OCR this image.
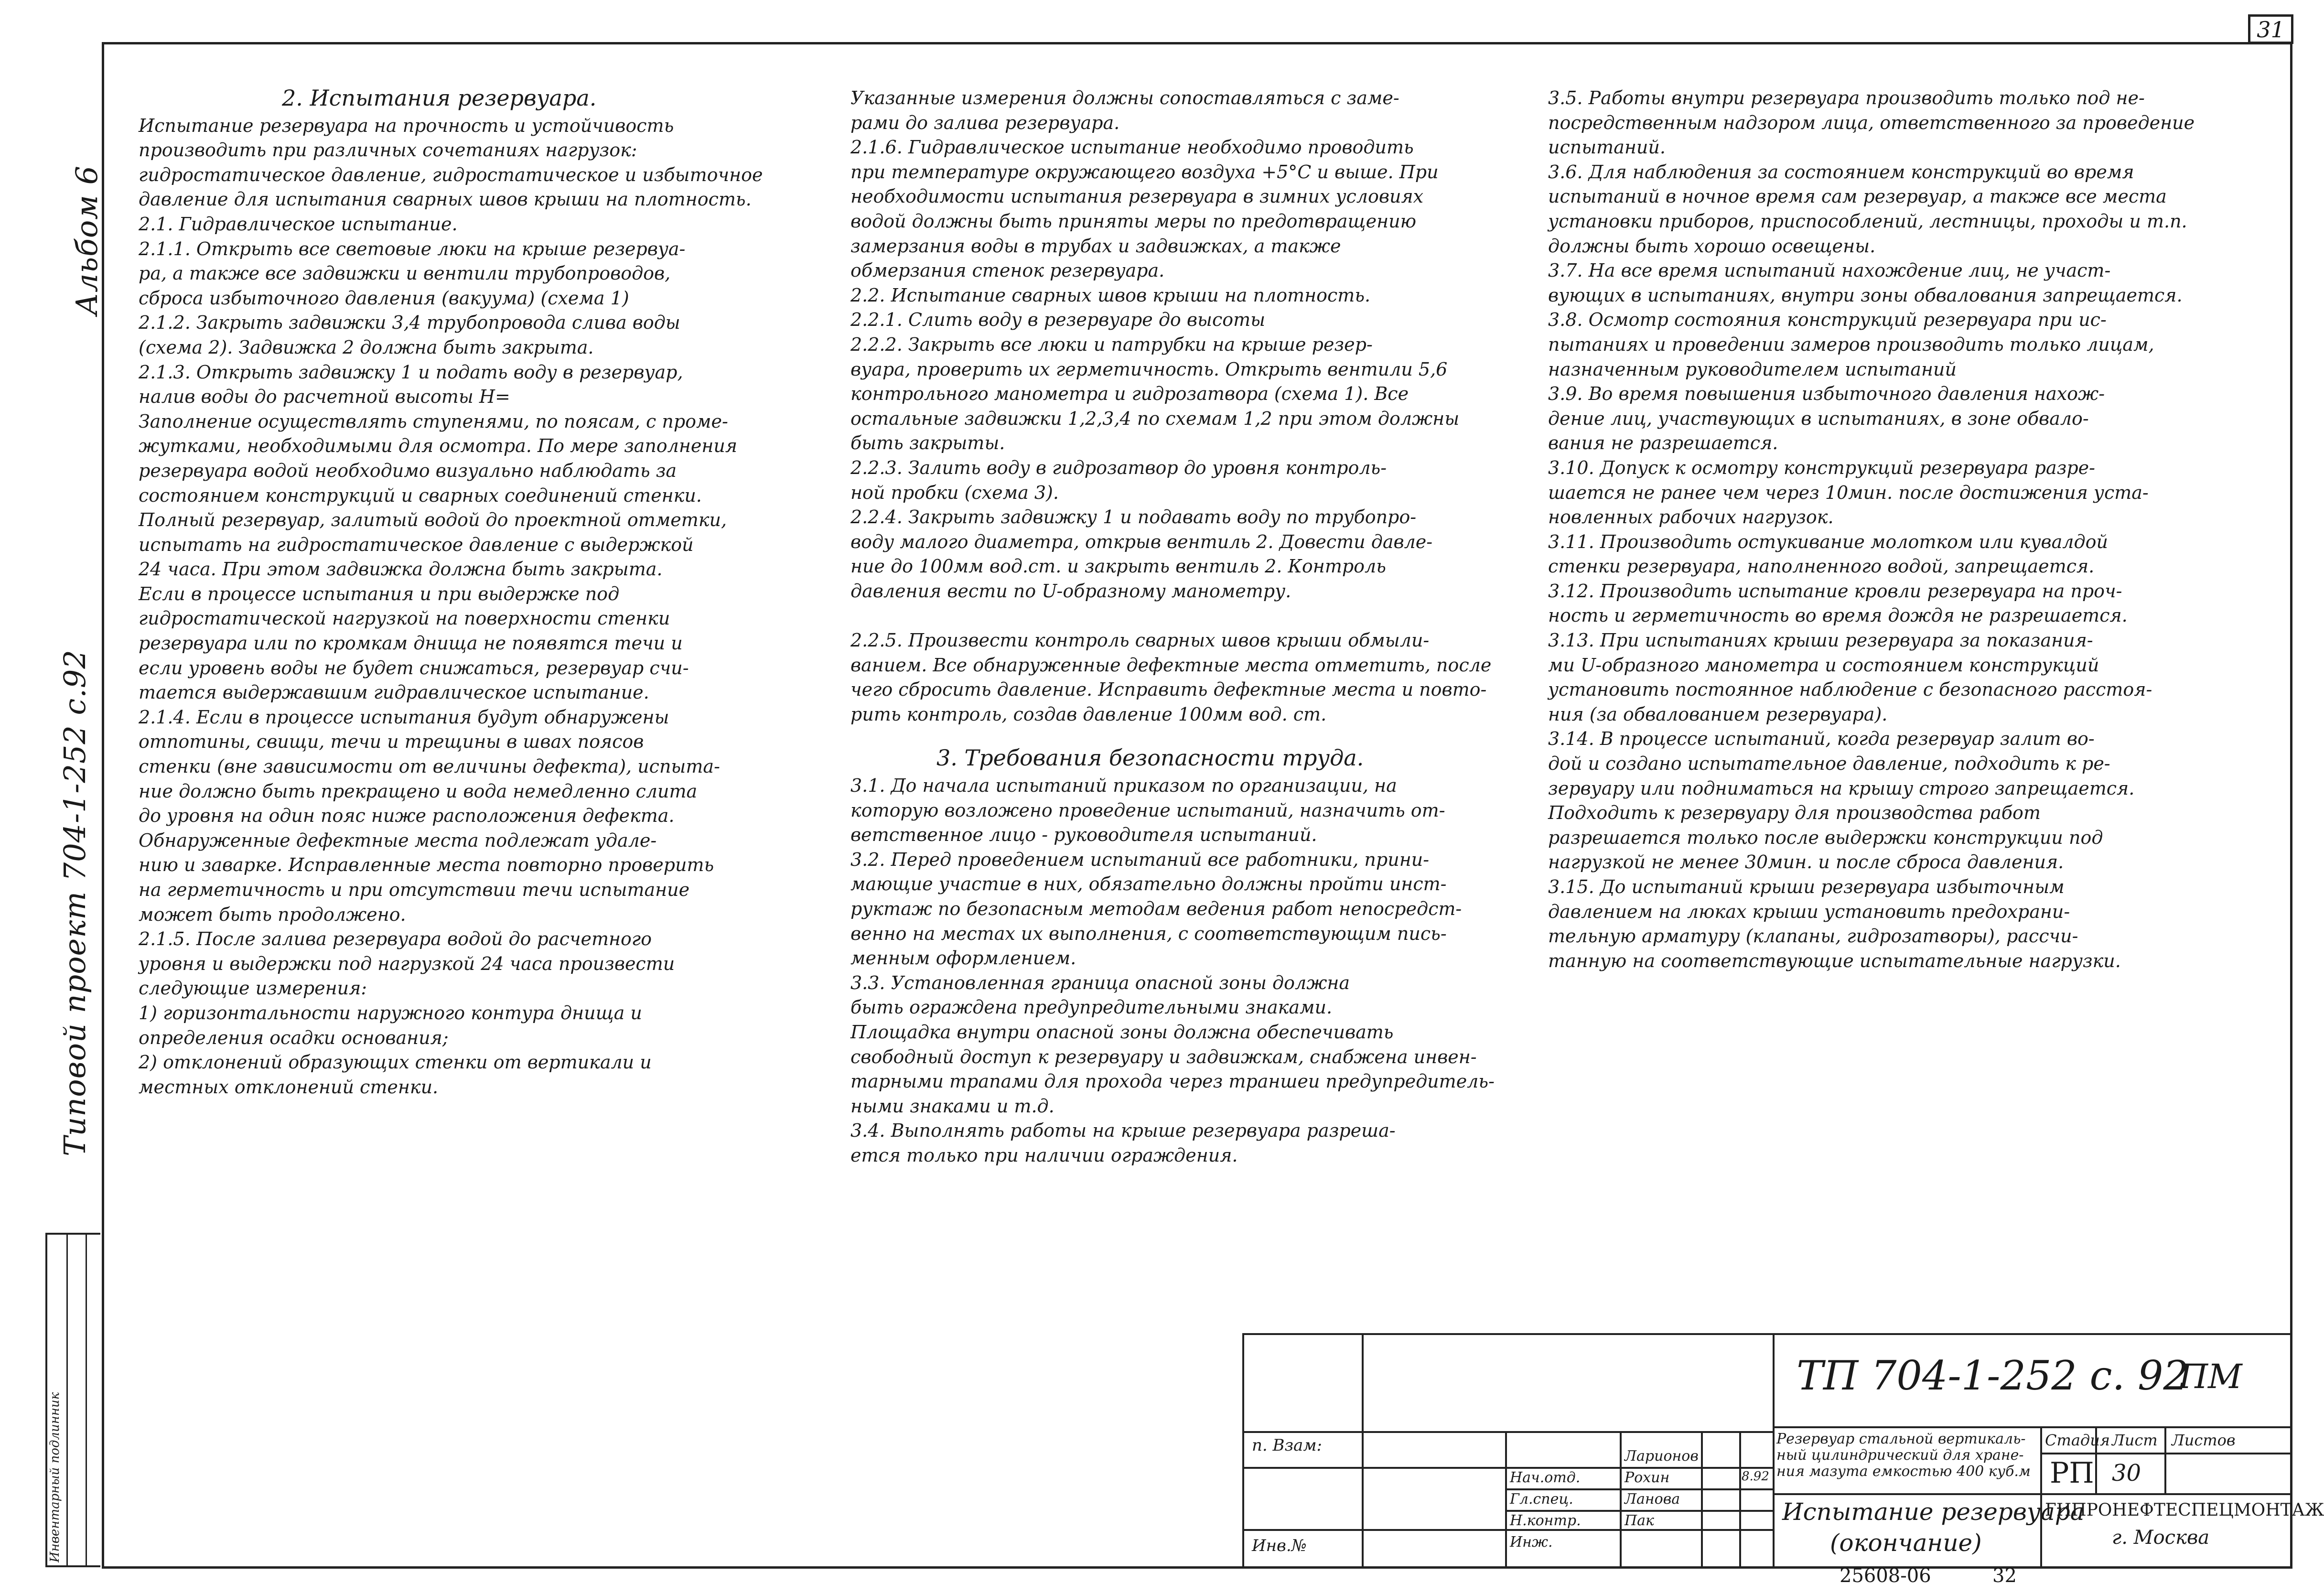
31
Альбом 6
Типовой проект 704-1-252 с.92
Инвентарный подлинник
2. Испытания резервуара.

Испытание резервуара на прочность и устойчивость

производить при различных сочетаниях нагрузок:

гидростатическое давление, гидростатическое и избыточное

давление для испытания сварных швов крыши на плотность.

2.1. Гидравлическое испытание.

2.1.1. Открыть все световые люки на крыше резервуа-

ра, а также все задвижки и вентили трубопроводов,

сброса избыточного давления (вакуума) (схема 1)

2.1.2. Закрыть задвижки 3,4 трубопровода слива воды

(схема 2). Задвижка 2 должна быть закрыта.

2.1.3. Открыть задвижку 1 и подать воду в резервуар,

налив воды до расчетной высоты Н=

Заполнение осуществлять ступенями, по поясам, с проме-

жутками, необходимыми для осмотра. По мере заполнения

резервуара водой необходимо визуально наблюдать за

состоянием конструкций и сварных соединений стенки.

Полный резервуар, залитый водой до проектной отметки,

испытать на гидростатическое давление с выдержкой

24 часа. При этом задвижка должна быть закрыта.

Если в процессе испытания и при выдержке под

гидростатической нагрузкой на поверхности стенки

резервуара или по кромкам днища не появятся течи и

если уровень воды не будет снижаться, резервуар счи-

тается выдержавшим гидравлическое испытание.

2.1.4. Если в процессе испытания будут обнаружены

отпотины, свищи, течи и трещины в швах поясов

стенки (вне зависимости от величины дефекта), испыта-

ние должно быть прекращено и вода немедленно слита

до уровня на один пояс ниже расположения дефекта.

Обнаруженные дефектные места подлежат удале-

нию и заварке. Исправленные места повторно проверить

на герметичность и при отсутствии течи испытание

может быть продолжено.

2.1.5. После залива резервуара водой до расчетного

уровня и выдержки под нагрузкой 24 часа произвести

следующие измерения:

1) горизонтальности наружного контура днища и

определения осадки основания;

2) отклонений образующих стенки от вертикали и

местных отклонений стенки.

Указанные измерения должны сопоставляться с заме-

рами до залива резервуара.

2.1.6. Гидравлическое испытание необходимо проводить

при температуре окружающего воздуха +5°С и выше. При

необходимости испытания резервуара в зимних условиях

водой должны быть приняты меры по предотвращению

замерзания воды в трубах и задвижках, а также

обмерзания стенок резервуара.

2.2. Испытание сварных швов крыши на плотность.

2.2.1. Слить воду в резервуаре до высоты

2.2.2. Закрыть все люки и патрубки на крыше резер-

вуара, проверить их герметичность. Открыть вентили 5,6

контрольного манометра и гидрозатвора (схема 1). Все

остальные задвижки 1,2,3,4 по схемам 1,2 при этом должны

быть закрыты.

2.2.3. Залить воду в гидрозатвор до уровня контроль-

ной пробки (схема 3).

2.2.4. Закрыть задвижку 1 и подавать воду по трубопро-

воду малого диаметра, открыв вентиль 2. Довести давле-

ние до 100мм вод.ст. и закрыть вентиль 2. Контроль

давления вести по U-образному манометру.

2.2.5. Произвести контроль сварных швов крыши обмыли-

ванием. Все обнаруженные дефектные места отметить, после

чего сбросить давление. Исправить дефектные места и повто-

рить контроль, создав давление 100мм вод. ст.

3. Требования безопасности труда.

3.1. До начала испытаний приказом по организации, на

которую возложено проведение испытаний, назначить от-

ветственное лицо - руководителя испытаний.

3.2. Перед проведением испытаний все работники, прини-

мающие участие в них, обязательно должны пройти инст-

руктаж по безопасным методам ведения работ непосредст-

венно на местах их выполнения, с соответствующим пись-

менным оформлением.

3.3. Установленная граница опасной зоны должна

быть ограждена предупредительными знаками.

Площадка внутри опасной зоны должна обеспечивать

свободный доступ к резервуару и задвижкам, снабжена инвен-

тарными трапами для прохода через траншеи предупредитель-

ными знаками и т.д.

3.4. Выполнять работы на крыше резервуара разреша-

ется только при наличии ограждения.

3.5. Работы внутри резервуара производить только под не-

посредственным надзором лица, ответственного за проведение

испытаний.

3.6. Для наблюдения за состоянием конструкций во время

испытаний в ночное время сам резервуар, а также все места

установки приборов, приспособлений, лестницы, проходы и т.п.

должны быть хорошо освещены.

3.7. На все время испытаний нахождение лиц, не участ-

вующих в испытаниях, внутри зоны обвалования запрещается.

3.8. Осмотр состояния конструкций резервуара при ис-

пытаниях и проведении замеров производить только лицам,

назначенным руководителем испытаний

3.9. Во время повышения избыточного давления нахож-

дение лиц, участвующих в испытаниях, в зоне обвало-

вания не разрешается.

3.10. Допуск к осмотру конструкций резервуара разре-

шается не ранее чем через 10мин. после достижения уста-

новленных рабочих нагрузок.

3.11. Производить остукивание молотком или кувалдой

стенки резервуара, наполненного водой, запрещается.

3.12. Производить испытание кровли резервуара на проч-

ность и герметичность во время дождя не разрешается.

3.13. При испытаниях крыши резервуара за показания-

ми U-образного манометра и состоянием конструкций

установить постоянное наблюдение с безопасного расстоя-

ния (за обвалованием резервуара).

3.14. В процессе испытаний, когда резервуар залит во-

дой и создано испытательное давление, подходить к ре-

зервуару или подниматься на крышу строго запрещается.

Подходить к резервуару для производства работ

разрешается только после выдержки конструкции под

нагрузкой не менее 30мин. и после сброса давления.

3.15. До испытаний крыши резервуара избыточным

давлением на люках крыши установить предохрани-

тельную арматуру (клапаны, гидрозатворы), рассчи-

танную на соответствующие испытательные нагрузки.

ТП 704-1-252 с. 92
ПМ
п. Взам:
Инв.№
Нач.отд.
Гл.спец.
Н.контр.
Инж.
Ларионов
Рохин
Ланова
Пак
8.92
Резервуар стальной вертикаль-ный цилиндрический для хране-ния мазута емкостью 400 куб.м
Испытание резервуара
(окончание)
Стадия Лист Листов
РП 30
ГИПРОНЕФТЕСПЕЦМОНТАЖ
г. Москва
25608-06	32
